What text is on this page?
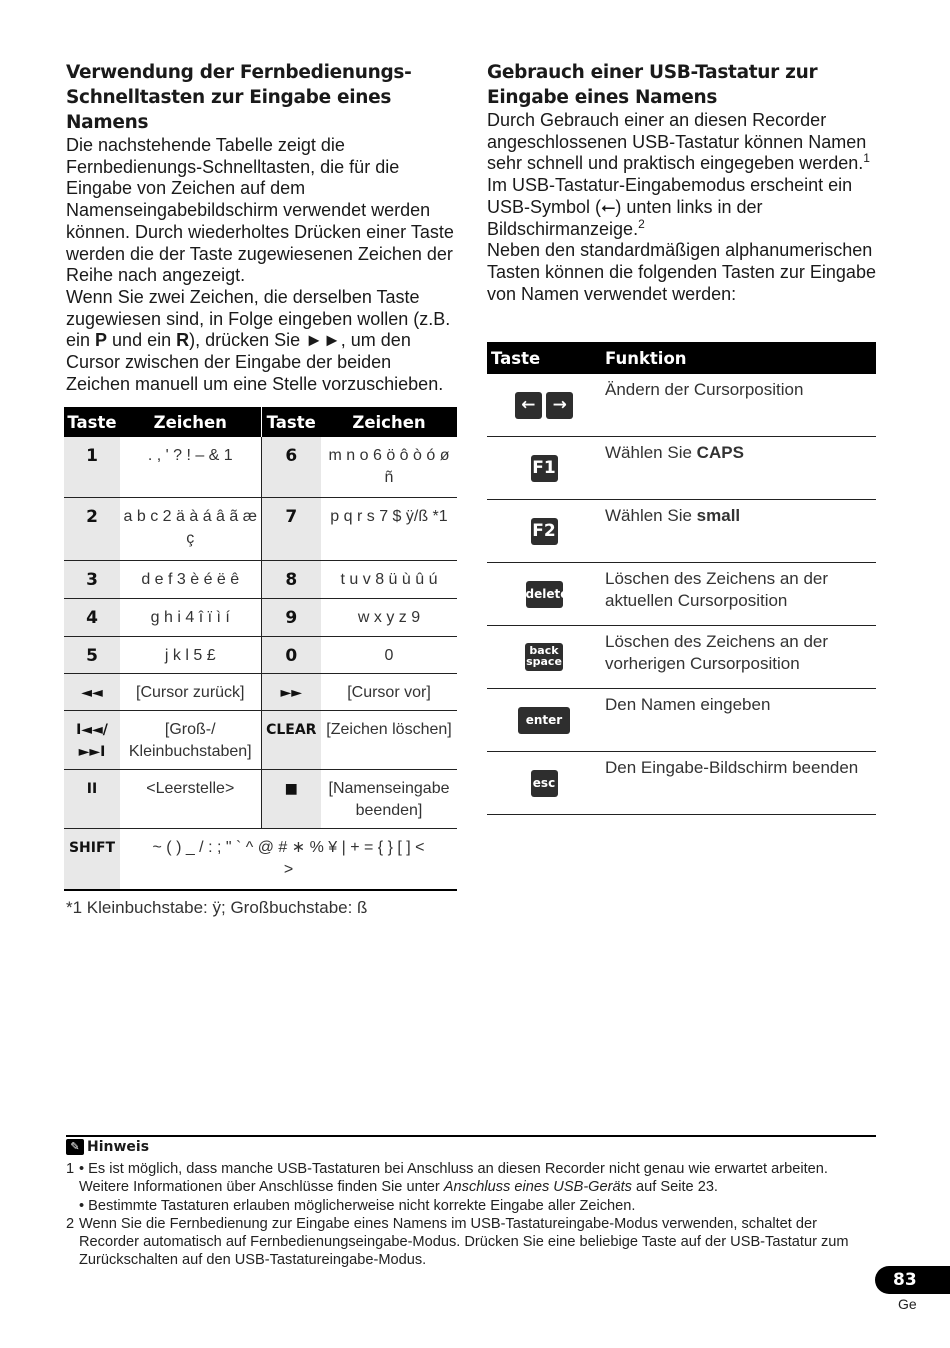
Verwendung der Fernbedienungs-Schnelltasten zur Eingabe eines Namens

Die nachstehende Tabelle zeigt die Fernbedienungs-Schnelltasten, die für die Eingabe von Zeichen auf dem Namenseingabebildschirm verwendet werden können. Durch wiederholtes Drücken einer Taste werden die der Taste zugewiesenen Zeichen der Reihe nach angezeigt.

Wenn Sie zwei Zeichen, die derselben Taste zugewiesen sind, in Folge eingeben wollen (z.B. ein P und ein R), drücken Sie ►►, um den Cursor zwischen der Eingabe der beiden Zeichen manuell um eine Stelle vorzuschieben.

Taste	Zeichen	Taste	Zeichen
1	. , ' ? ! – & 1	6	m n o 6 ö ô ò ó ø ñ
2	a b c 2 ä à á â ã æ ç	7	p q r s 7 $ ÿ/ß *1
3	d e f 3 è é ë ê	8	t u v 8 ü ù û ú
4	g h i 4 î ï ì í	9	w x y z 9
5	j k l 5 £	0	0
◄◄	[Cursor zurück]	►►	[Cursor vor]
I◄◄/ ►►I	[Groß-/ Kleinbuchstaben]	CLEAR	[Zeichen löschen]
II	<Leerstelle>	■	[Namenseingabe beenden]
SHIFT	~ ( ) _ / : ; " ` ^ @ # ∗ % ¥ | + = { } [ ] < >		
*1 Kleinbuchstabe: ÿ; Großbuchstabe: ß
Gebrauch einer USB-Tastatur zur Eingabe eines Namens

Durch Gebrauch einer an diesen Recorder angeschlossenen USB-Tastatur können Namen sehr schnell und praktisch eingegeben werden.$^1$ Im USB-Tastatur-Eingabemodus erscheint ein USB-Symbol (⭠) unten links in der Bildschirmanzeige.$^2$

Neben den standardmäßigen alphanumerischen Tasten können die folgenden Tasten zur Eingabe von Namen verwendet werden:

Taste	Funktion
← →	Ändern der Cursorposition
F1	Wählen Sie CAPS
F2	Wählen Sie small
delete	Löschen des Zeichens an der aktuellen Cursorposition
back space	Löschen des Zeichens an der vorherigen Cursorposition
enter	Den Namen eingeben
esc	Den Eingabe-Bildschirm beenden
✎ Hinweis
1 • Es ist möglich, dass manche USB-Tastaturen bei Anschluss an diesen Recorder nicht genau wie erwartet arbeiten. Weitere Informationen über Anschlüsse finden Sie unter Anschluss eines USB-Geräts auf Seite 23.
• Bestimmte Tastaturen erlauben möglicherweise nicht korrekte Eingabe aller Zeichen.
2 Wenn Sie die Fernbedienung zur Eingabe eines Namens im USB-Tastatureingabe-Modus verwenden, schaltet der Recorder automatisch auf Fernbedienungseingabe-Modus. Drücken Sie eine beliebige Taste auf der USB-Tastatur zum Zurückschalten auf den USB-Tastatureingabe-Modus.
83
Ge
